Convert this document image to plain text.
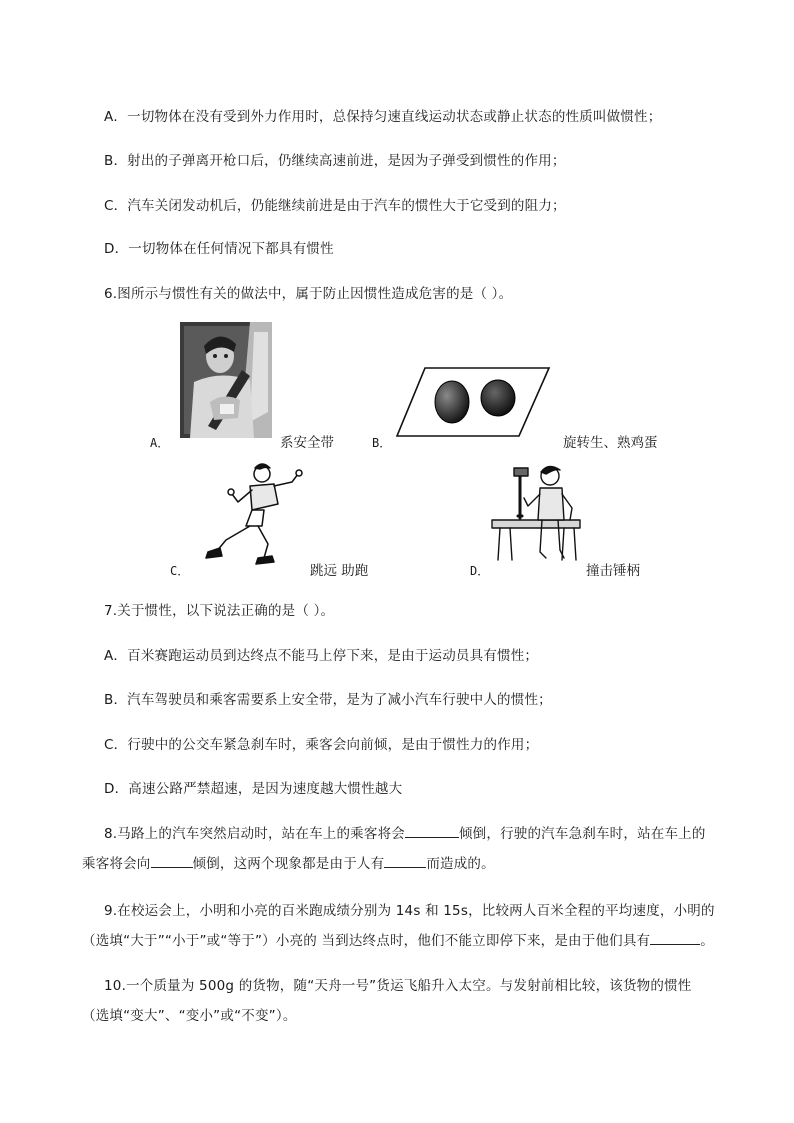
A．一切物体在没有受到外力作用时，总保持匀速直线运动状态或静止状态的性质叫做惯性；
B．射出的子弹离开枪口后，仍继续高速前进，是因为子弹受到惯性的作用；
C．汽车关闭发动机后，仍能继续前进是由于汽车的惯性大于它受到的阻力；
D．一切物体在任何情况下都具有惯性
6.图所示与惯性有关的做法中，属于防止因惯性造成危害的是（ ）。
A．	系安全带	B．	旋转生、熟鸡蛋
C．	跳远 助跑	D．	撞击锤柄
7.关于惯性，以下说法正确的是（ ）。
A．百米赛跑运动员到达终点不能马上停下来，是由于运动员具有惯性；
B．汽车驾驶员和乘客需要系上安全带，是为了减小汽车行驶中人的惯性；
C．行驶中的公交车紧急刹车时，乘客会向前倾，是由于惯性力的作用；
D．高速公路严禁超速，是因为速度越大惯性越大
8.马路上的汽车突然启动时，站在车上的乘客将会	倾倒，行驶的汽车急刹车时，站在车上的
乘客将会向	倾倒，这两个现象都是由于人有	而造成的。
9.在校运会上，小明和小亮的百米跑成绩分别为 14s 和 15s，比较两人百米全程的平均速度，小明的
（选填“大于”“小于”或“等于”）小亮的 当到达终点时，他们不能立即停下来，是由于他们具有	。
10.一个质量为 500g 的货物，随“天舟一号”货运飞船升入太空。与发射前相比较，该货物的惯性
（选填“变大”、“变小”或“不变”）。
